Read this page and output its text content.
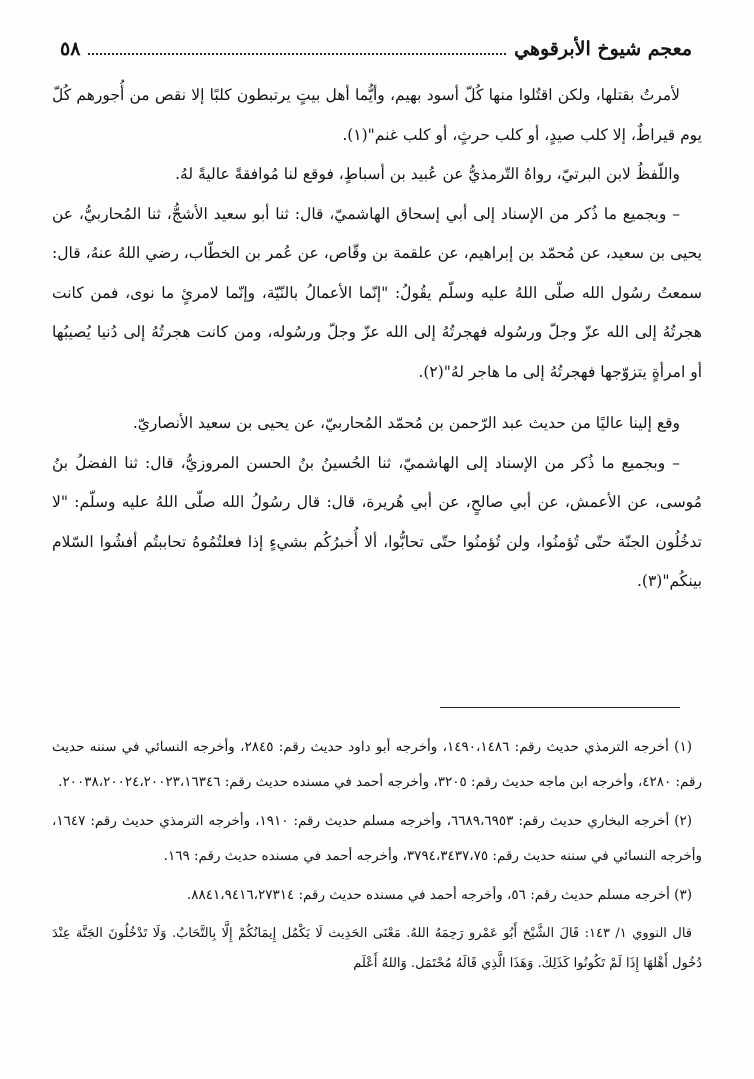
معجم شيوخ الأبرقوهي
٥٨

لأمرتُ بقتلها، ولكن اقتُلوا منها كُلّ أسود بهيم، وأيُّما أهل بيتٍ يرتبطون كلبًا إلا نقص من أُجورهم كُلّ يوم قيراطٌ، إلا كلب صيدٍ، أو كلب حرثٍ، أو كلب غنم"(١).

واللّفظُ لابن البرتيّ، رواهُ التّرمذيُّ عن عُبيد بن أسباطٍ، فوقع لنا مُوافقةً عاليةً لهُ.

– وبجميع ما ذُكر من الإسناد إلى أبي إسحاق الهاشميّ، قال: ثنا أبو سعيد الأشجُّ، ثنا المُحاربيُّ، عن يحيى بن سعيد، عن مُحمّد بن إبراهيم، عن علقمة بن وقّاص، عن عُمر بن الخطّاب، رضي اللهُ عنهُ، قال: سمعتُ رسُول الله صلّى اللهُ عليه وسلّم يقُولُ: "إنّما الأعمالُ بالنّيّة، وإنّما لامرئٍ ما نوى، فمن كانت هجرتُهُ إلى الله عزّ وجلّ ورسُوله فهجرتُهُ إلى الله عزّ وجلّ ورسُوله، ومن كانت هجرتُهُ إلى دُنيا يُصيبُها أو امرأةٍ يتزوّجها فهجرتُهُ إلى ما هاجر لهُ"(٢).

وقع إلينا عاليًا من حديث عبد الرّحمن بن مُحمّد المُحاربيّ، عن يحيى بن سعيد الأنصاريّ.

– وبجميع ما ذُكر من الإسناد إلى الهاشميّ، ثنا الحُسينُ بنُ الحسن المروزيُّ، قال: ثنا الفضلُ بنُ مُوسى، عن الأعمش، عن أبي صالحٍ، عن أبي هُريرة، قال: قال رسُولُ الله صلّى اللهُ عليه وسلّم: "لا تدخُلُون الجنّة حتّى تُؤمنُوا، ولن تُؤمنُوا حتّى تحابُّوا، ألا أُخبرُكُم بشيءٍ إذا فعلتُمُوهُ تحاببتُم أفشُوا السّلام بينكُم"(٣).

(١) أخرجه الترمذي حديث رقم: ١٤٩٠،١٤٨٦، وأخرجه أبو داود حديث رقم: ٢٨٤٥، وأخرجه النسائي في سننه حديث رقم: ٤٢٨٠، وأخرجه ابن ماجه حديث رقم: ٣٢٠٥، وأخرجه أحمد في مسنده حديث رقم: ٢٠٠٣٨،٢٠٠٢٤،٢٠٠٢٣،١٦٣٤٦.

(٢) أخرجه البخاري حديث رقم: ٦٦٨٩،٦٩٥٣، وأخرجه مسلم حديث رقم: ١٩١٠، وأخرجه الترمذي حديث رقم: ١٦٤٧، وأخرجه النسائي في سننه حديث رقم: ٣٧٩٤،٣٤٣٧،٧٥، وأخرجه أحمد في مسنده حديث رقم: ١٦٩.

(٣) أخرجه مسلم حديث رقم: ٥٦، وأخرجه أحمد في مسنده حديث رقم: ٨٨٤١،٩٤١٦،٢٧٣١٤.

قال النووي ١/ ١٤٣: قَالَ الشَّيْخ أَبُو عَمْرو رَحِمَهُ اللهُ. مَعْنَى الحَدِيث لَا يَكْمُل إِيمَانُكُمْ إِلَّا بِالتَّحَابُ. وَلَا تَدْخُلُونَ الجَنَّة عِنْدَ دُخُول أَهْلهَا إِذَا لَمْ تَكُونُوا كَذَلِكَ. وَهَذَا الَّذِي قَالَهُ مُحْتَمَل. وَاللهُ أَعْلَم
